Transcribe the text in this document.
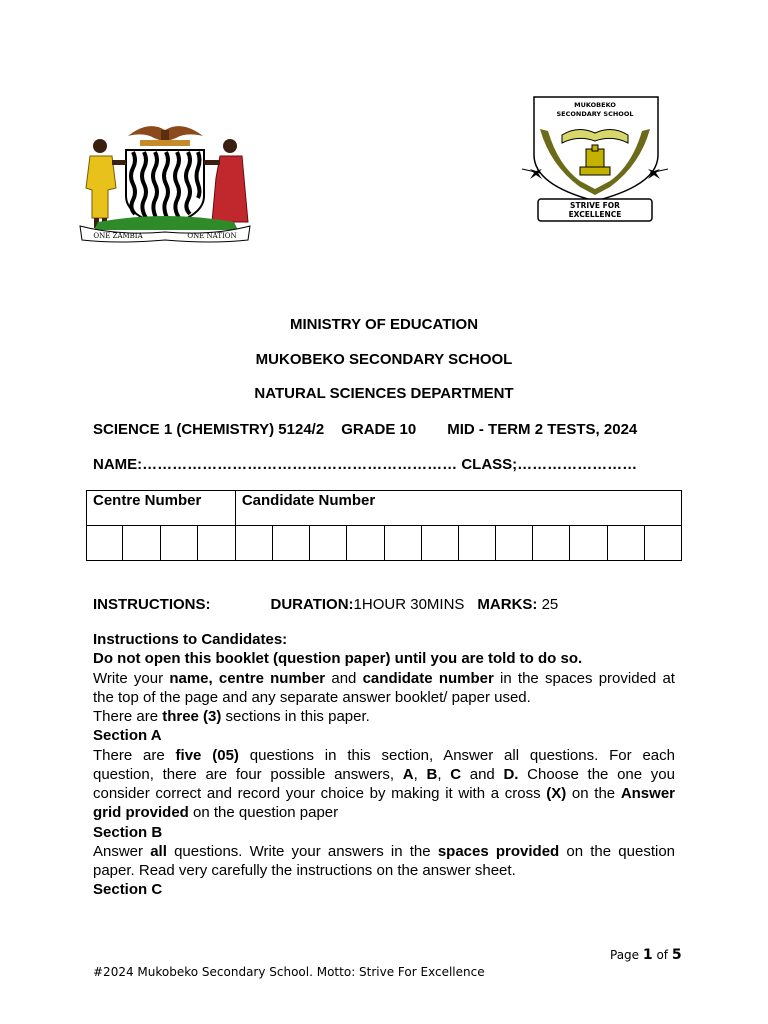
ONE ZAMBIA	ONE NATION
MUKOBEKO
SECONDARY SCHOOL
STRIVE FOR
EXCELLENCE
MINISTRY OF EDUCATION
MUKOBEKO SECONDARY SCHOOL
NATURAL SCIENCES DEPARTMENT
SCIENCE 1 (CHEMISTRY) 5124/2 GRADE 10 MID - TERM 2 TESTS, 2024
NAME:……………………………………………………… CLASS;……………………
Centre Number				Candidate Number											

INSTRUCTIONS:	DURATION:1HOUR 30MINS MARKS: 25
Instructions to Candidates:
Do not open this booklet (question paper) until you are told to do so.
Write your name, centre number and candidate number in the spaces provided at
the top of the page and any separate answer booklet/ paper used.
There are three (3) sections in this paper.
Section A
There are five (05) questions in this section, Answer all questions. For each
question, there are four possible answers, A, B, C and D. Choose the one you
consider correct and record your choice by making it with a cross (X) on the Answer
grid provided on the question paper
Section B
Answer all questions. Write your answers in the spaces provided on the question
paper. Read very carefully the instructions on the answer sheet.
Section C
Page 1 of 5
#2024 Mukobeko Secondary School. Motto: Strive For Excellence
